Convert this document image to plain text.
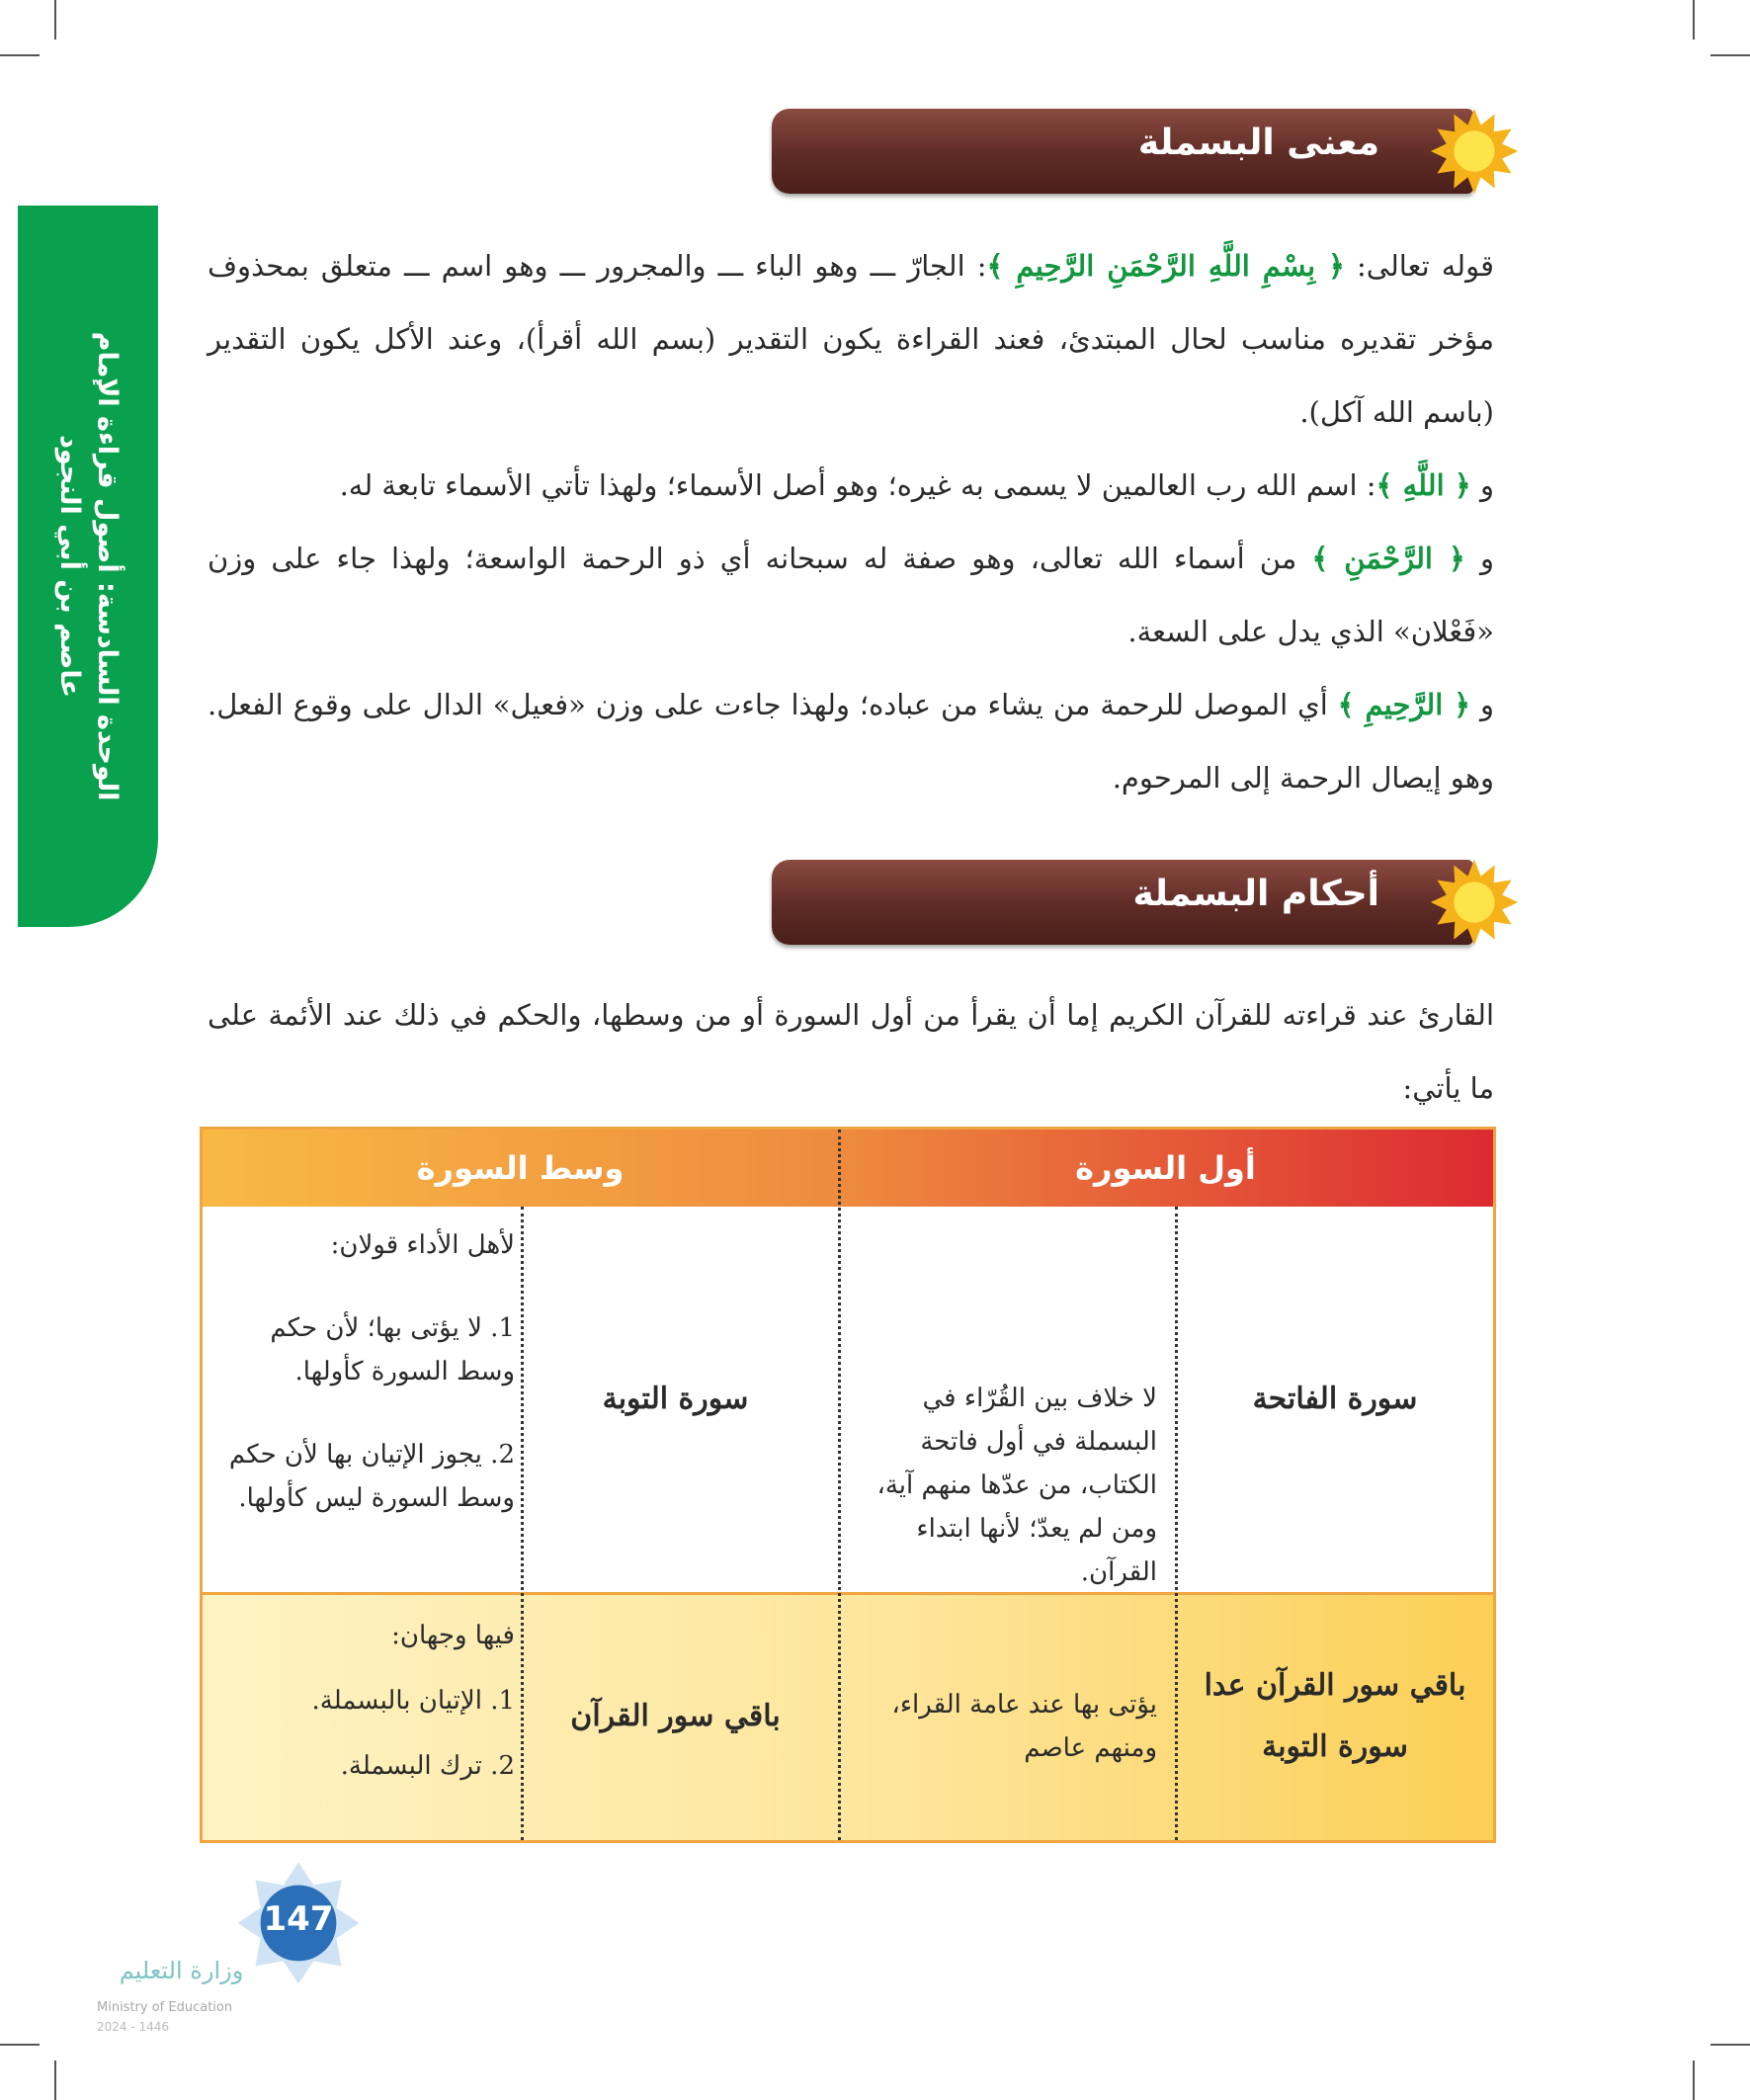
الوحدة السادسة: أصول قراءة الإمام
عاصم بن أبي النجود
معنى البسملة

قوله تعالى: ﴿ بِسْمِ اللَّهِ الرَّحْمَنِ الرَّحِيمِ ﴾: الجارّ ـــ وهو الباء ـــ والمجرور ـــ وهو اسم ـــ متعلق بمحذوف مؤخر تقديره مناسب لحال المبتدئ، فعند القراءة يكون التقدير (بسم الله أقرأ)، وعند الأكل يكون التقدير (باسم الله آكل).

و ﴿ اللَّهِ ﴾: اسم الله رب العالمين لا يسمى به غيره؛ وهو أصل الأسماء؛ ولهذا تأتي الأسماء تابعة له.

و ﴿ الرَّحْمَنِ ﴾ من أسماء الله تعالى، وهو صفة له سبحانه أي ذو الرحمة الواسعة؛ ولهذا جاء على وزن «فَعْلان» الذي يدل على السعة.

و ﴿ الرَّحِيمِ ﴾ أي الموصل للرحمة من يشاء من عباده؛ ولهذا جاءت على وزن «فعيل» الدال على وقوع الفعل. وهو إيصال الرحمة إلى المرحوم.

أحكام البسملة

القارئ عند قراءته للقرآن الكريم إما أن يقرأ من أول السورة أو من وسطها، والحكم في ذلك عند الأئمة على ما يأتي:

أول السورة
وسط السورة
سورة الفاتحة
لا خلاف بين القُرّاء في البسملة في أول فاتحة الكتاب، من عدّها منهم آية، ومن لم يعدّ؛ لأنها ابتداء القرآن.
سورة التوبة

لأهل الأداء قولان:

1. لا يؤتى بها؛ لأن حكم وسط السورة كأولها.

2. يجوز الإتيان بها لأن حكم وسط السورة ليس كأولها.

باقي سور القرآن عدا سورة التوبة
يؤتى بها عند عامة القراء، ومنهم عاصم
باقي سور القرآن

فيها وجهان:

1. الإتيان بالبسملة.

2. ترك البسملة.

147
وزارة التعليم
Ministry of Education
2024 - 1446
